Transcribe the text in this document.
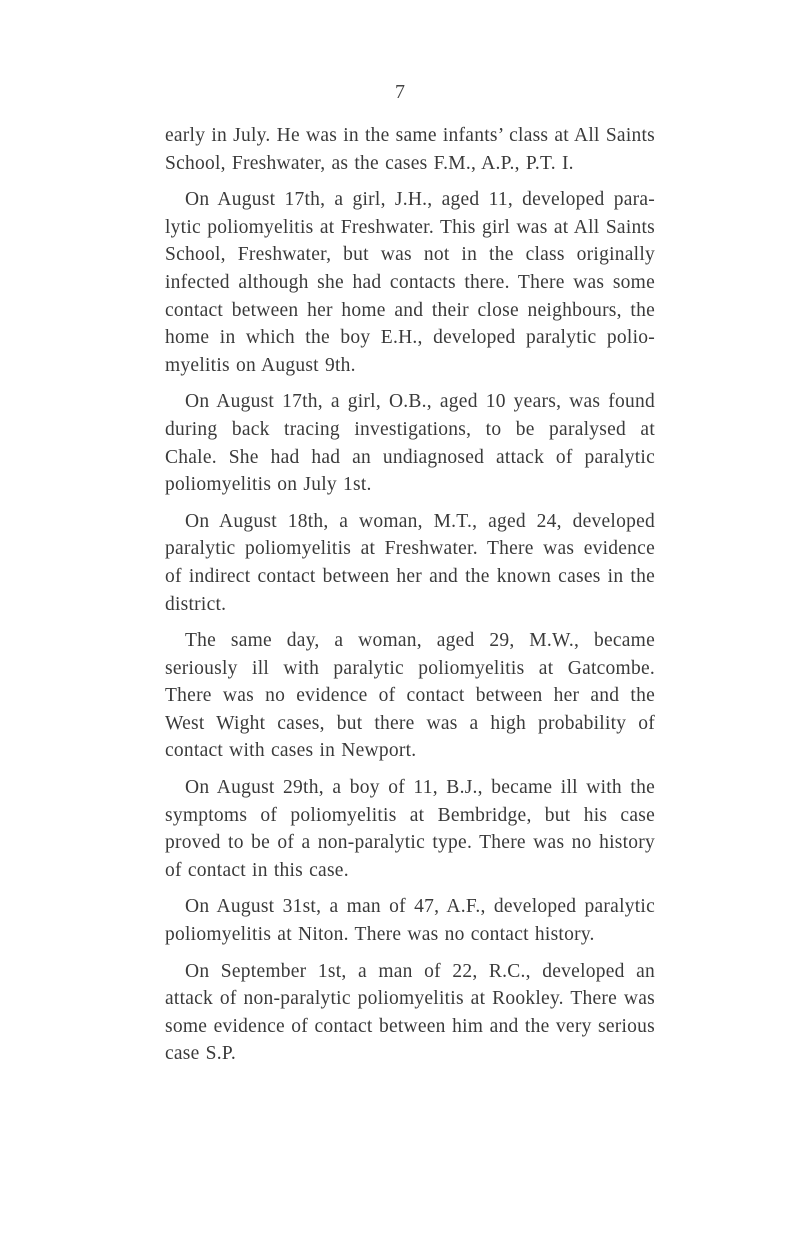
7

early in July. He was in the same infants’ class at All Saints School, Freshwater, as the cases F.M., A.P., P.T. I.

On August 17th, a girl, J.H., aged 11, developed para-lytic poliomyelitis at Freshwater. This girl was at All Saints School, Freshwater, but was not in the class originally infected although she had contacts there. There was some contact between her home and their close neighbours, the home in which the boy E.H., developed paralytic polio-myelitis on August 9th.

On August 17th, a girl, O.B., aged 10 years, was found during back tracing investigations, to be paralysed at Chale. She had had an undiagnosed attack of paralytic poliomyelitis on July 1st.

On August 18th, a woman, M.T., aged 24, developed paralytic poliomyelitis at Freshwater. There was evidence of indirect contact between her and the known cases in the district.

The same day, a woman, aged 29, M.W., became seriously ill with paralytic poliomyelitis at Gatcombe. There was no evidence of contact between her and the West Wight cases, but there was a high probability of contact with cases in Newport.

On August 29th, a boy of 11, B.J., became ill with the symptoms of poliomyelitis at Bembridge, but his case proved to be of a non-paralytic type. There was no history of contact in this case.

On August 31st, a man of 47, A.F., developed paralytic poliomyelitis at Niton. There was no contact history.

On September 1st, a man of 22, R.C., developed an attack of non-paralytic poliomyelitis at Rookley. There was some evidence of contact between him and the very serious case S.P.
